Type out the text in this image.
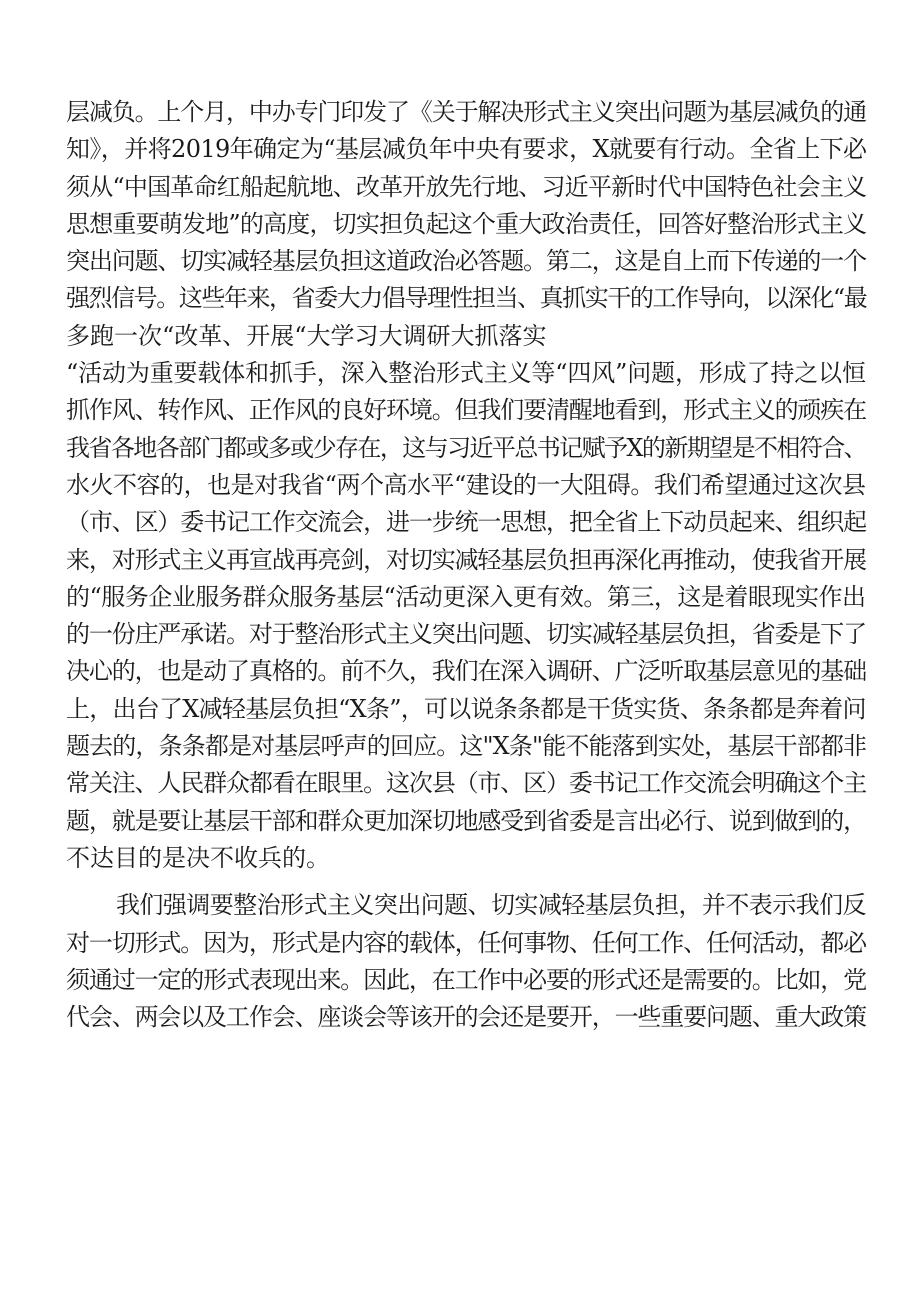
层减负。上个月，中办专门印发了《关于解决形式主义突出问题为基层减负的通
知》，并将2019年确定为“基层减负年中央有要求，X就要有行动。全省上下必
须从“中国革命红船起航地、改革开放先行地、习近平新时代中国特色社会主义
思想重要萌发地”的高度，切实担负起这个重大政治责任，回答好整治形式主义
突出问题、切实减轻基层负担这道政治必答题。第二，这是自上而下传递的一个
强烈信号。这些年来，省委大力倡导理性担当、真抓实干的工作导向，以深化“最
多跑一次“改革、开展“大学习大调研大抓落实
“活动为重要载体和抓手，深入整治形式主义等“四风”问题，形成了持之以恒
抓作风、转作风、正作风的良好环境。但我们要清醒地看到，形式主义的顽疾在
我省各地各部门都或多或少存在，这与习近平总书记赋予X的新期望是不相符合、
水火不容的，也是对我省“两个高水平“建设的一大阻碍。我们希望通过这次县
（市、区）委书记工作交流会，进一步统一思想，把全省上下动员起来、组织起
来，对形式主义再宣战再亮剑，对切实减轻基层负担再深化再推动，使我省开展
的“服务企业服务群众服务基层“活动更深入更有效。第三，这是着眼现实作出
的一份庄严承诺。对于整治形式主义突出问题、切实减轻基层负担，省委是下了
决心的，也是动了真格的。前不久，我们在深入调研、广泛听取基层意见的基础
上，出台了X减轻基层负担“X条”，可以说条条都是干货实货、条条都是奔着问
题去的，条条都是对基层呼声的回应。这"X条"能不能落到实处，基层干部都非
常关注、人民群众都看在眼里。这次县（市、区）委书记工作交流会明确这个主
题，就是要让基层干部和群众更加深切地感受到省委是言出必行、说到做到的，
不达目的是决不收兵的。
我们强调要整治形式主义突出问题、切实减轻基层负担，并不表示我们反
对一切形式。因为，形式是内容的载体，任何事物、任何工作、任何活动，都必
须通过一定的形式表现出来。因此，在工作中必要的形式还是需要的。比如，党
代会、两会以及工作会、座谈会等该开的会还是要开，一些重要问题、重大政策
